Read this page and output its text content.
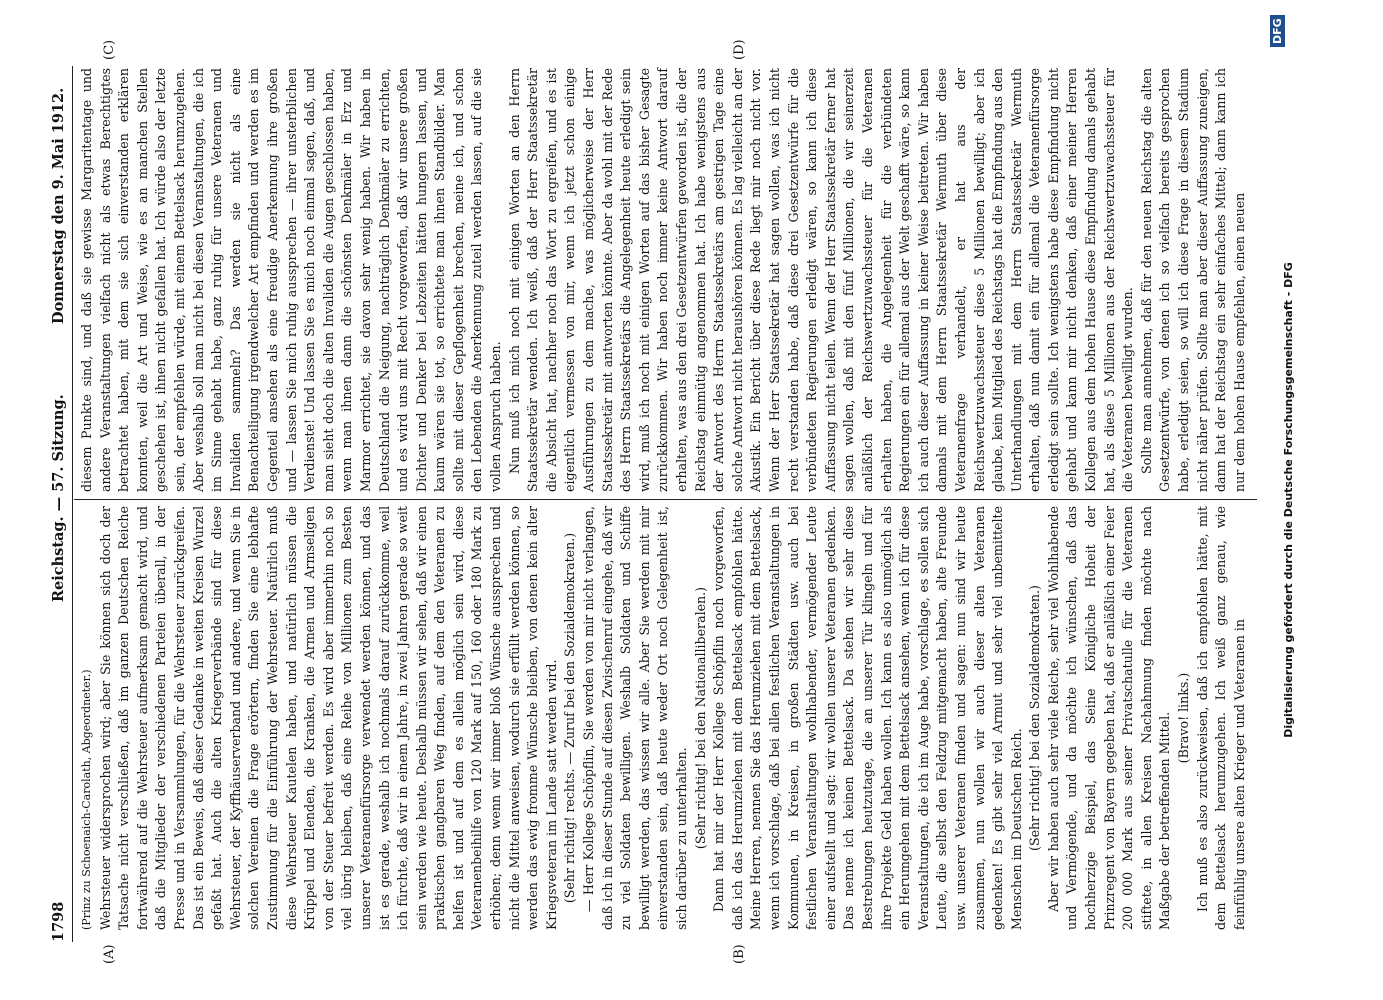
1798
Reichstag. — 57. Sitzung.
Donnerstag den 9. Mai 1912.
(A)	(B)
(C)	(D)

(Prinz zu Schoenaich-Carolath, Abgeordneter.) Wehrsteuer widersprochen wird; aber Sie können sich doch der Tatsache nicht verschließen, daß im ganzen Deutschen Reiche fortwährend auf die Wehrsteuer aufmerksam gemacht wird, und daß die Mitglieder der verschiedenen Parteien überall, in der Presse und in Versammlungen, für die Wehrsteuer zurückgreifen. Das ist ein Beweis, daß dieser Gedanke in weiten Kreisen Wurzel gefaßt hat. Auch die alten Kriegerverbände sind für diese Wehrsteuer, der Kyffhäuserverband und andere, und wenn Sie in solchen Vereinen die Frage erörtern, finden Sie eine lebhafte Zustimmung für die Einführung der Wehrsteuer. Natürlich muß diese Wehrsteuer Kautelen haben, und natürlich müssen die Krüppel und Elenden, die Kranken, die Armen und Armseligen von der Steuer befreit werden. Es wird aber immerhin noch so viel übrig bleiben, daß eine Reihe von Millionen zum Besten unserer Veteranenfürsorge verwendet werden können, und das ist es gerade, weshalb ich nochmals darauf zurückkomme, weil ich fürchte, daß wir in einem Jahre, in zwei Jahren gerade so weit sein werden wie heute. Deshalb müssen wir sehen, daß wir einen praktischen gangbaren Weg finden, auf dem den Veteranen zu helfen ist und auf dem es allein möglich sein wird, diese Veteranenbeihilfe von 120 Mark auf 150, 160 oder 180 Mark zu erhöhen; denn wenn wir immer bloß Wünsche aussprechen und nicht die Mittel anweisen, wodurch sie erfüllt werden können, so werden das ewig fromme Wünsche bleiben, von denen kein alter Kriegsveteran im Lande satt werden wird. (Sehr richtig! rechts. — Zuruf bei den Sozialdemokraten.) — Herr Kollege Schöpflin, Sie werden von mir nicht verlangen, daß ich in dieser Stunde auf diesen Zwischenruf eingehe, daß wir zu viel Soldaten bewilligen. Weshalb Soldaten und Schiffe bewilligt werden, das wissen wir alle. Aber Sie werden mit mir einverstanden sein, daß heute weder Ort noch Gelegenheit ist, sich darüber zu unterhalten. (Sehr richtig! bei den Nationalliberalen.) Dann hat mir der Herr Kollege Schöpflin noch vorgeworfen, daß ich das Herumziehen mit dem Bettelsack empfohlen hätte. Meine Herren, nennen Sie das Herumziehen mit dem Bettelsack, wenn ich vorschlage, daß bei allen festlichen Veranstaltungen in Kommunen, in Kreisen, in großen Städten usw. auch bei festlichen Veranstaltungen wohlhabender, vermögender Leute einer aufstellt und sagt: wir wollen unserer Veteranen gedenken. Das nenne ich keinen Bettelsack. Da stehen wir sehr diese Bestrebungen heutzutage, die an unserer Tür klingeln und für ihre Projekte Geld haben wollen. Ich kann es also unmöglich als ein Herumgehen mit dem Bettelsack ansehen, wenn ich für diese Veranstaltungen, die ich im Auge habe, vorschlage, es sollen sich Leute, die selbst den Feldzug mitgemacht haben, alte Freunde usw. unserer Veteranen finden und sagen: nun sind wir heute zusammen, nun wollen wir auch dieser alten Veteranen gedenken! Es gibt sehr viel Armut und sehr viel unbemittelte Menschen im Deutschen Reich. (Sehr richtig! bei den Sozialdemokraten.) Aber wir haben auch sehr viele Reiche, sehr viel Wohlhabende und Vermögende, und da möchte ich wünschen, daß das hochherzige Beispiel, das Seine Königliche Hoheit der Prinzregent von Bayern gegeben hat, daß er anläßlich einer Feier 200 000 Mark aus seiner Privatschatulle für die Veteranen stiftete, in allen Kreisen Nachahmung finden möchte nach Maßgabe der betreffenden Mittel. (Bravo! links.) Ich muß es also zurückweisen, daß ich empfohlen hätte, mit dem Bettelsack herumzugehen. Ich weiß ganz genau, wie feinfühlig unsere alten Krieger und Veteranen in

diesem Punkte sind, und daß sie gewisse Margaritentage und andere Veranstaltungen vielfach nicht als etwas Berechtigtes betrachtet haben, mit dem sie sich einverstanden erklären konnten, weil die Art und Weise, wie es an manchen Stellen geschehen ist, ihnen nicht gefallen hat. Ich würde also der letzte sein, der empfehlen würde, mit einem Bettelsack herumzugehen. Aber weshalb soll man nicht bei diesen Veranstaltungen, die ich im Sinne gehabt habe, ganz ruhig für unsere Veteranen und Invaliden sammeln? Das werden sie nicht als eine Benachteiligung irgendwelcher Art empfinden und werden es im Gegenteil ansehen als eine freudige Anerkennung ihre großen und — lassen Sie mich ruhig aussprechen — ihrer unsterblichen Verdienste! Und lassen Sie es mich noch einmal sagen, daß, und man sieht doch die alten Invaliden die Augen geschlossen haben, wenn man ihnen dann die schönsten Denkmäler in Erz und Marmor errichtet, sie davon sehr wenig haben. Wir haben in Deutschland die Neigung, nachträglich Denkmäler zu errichten, und es wird uns mit Recht vorgeworfen, daß wir unsere großen Dichter und Denker bei Lebzeiten hätten hungern lassen, und kaum wären sie tot, so errichtete man ihnen Standbilder. Man sollte mit dieser Gepflogenheit brechen, meine ich, und schon den Lebenden die Anerkennung zuteil werden lassen, auf die sie vollen Anspruch haben. Nun muß ich mich noch mit einigen Worten an den Herrn Staatssekretär wenden. Ich weiß, daß der Herr Staatssekretär die Absicht hat, nachher noch das Wort zu ergreifen, und es ist eigentlich vermessen von mir, wenn ich jetzt schon einige Ausführungen zu dem mache, was möglicherweise der Herr Staatssekretär mit antworten könnte. Aber da wohl mit der Rede des Herrn Staatssekretärs die Angelegenheit heute erledigt sein wird, muß ich noch mit einigen Worten auf das bisher Gesagte zurückkommen. Wir haben noch immer keine Antwort darauf erhalten, was aus den drei Gesetzentwürfen geworden ist, die der Reichstag einmütig angenommen hat. Ich habe wenigstens aus der Antwort des Herrn Staatssekretärs am gestrigen Tage eine solche Antwort nicht heraushören können. Es lag vielleicht an der Akustik. Ein Bericht über diese Rede liegt mir noch nicht vor. Wenn der Herr Staatssekretär hat sagen wollen, was ich nicht recht verstanden habe, daß diese drei Gesetzentwürfe für die verbündeten Regierungen erledigt wären, so kann ich diese Auffassung nicht teilen. Wenn der Herr Staatssekretär ferner hat sagen wollen, daß mit den fünf Millionen, die wir seinerzeit anläßlich der Reichswertzuwachssteuer für die Veteranen erhalten haben, die Angelegenheit für die verbündeten Regierungen ein für allemal aus der Welt geschafft wäre, so kann ich auch dieser Auffassung in keiner Weise beitreten. Wir haben damals mit dem Herrn Staatssekretär Wermuth über diese Veteranenfrage verhandelt, er hat aus der Reichswertzuwachssteuer diese 5 Millionen bewilligt; aber ich glaube, kein Mitglied des Reichstags hat die Empfindung aus den Unterhandlungen mit dem Herrn Staatssekretär Wermuth erhalten, daß nun damit ein für allemal die Veteranenfürsorge erledigt sein sollte. Ich wenigstens habe diese Empfindung nicht gehabt und kann mir nicht denken, daß einer meiner Herren Kollegen aus dem hohen Hause diese Empfindung damals gehabt hat, als diese 5 Millionen aus der Reichswertzuwachssteuer für die Veteranen bewilligt wurden. Sollte man annehmen, daß für den neuen Reichstag die alten Gesetzentwürfe, von denen ich so vielfach bereits gesprochen habe, erledigt seien, so will ich diese Frage in diesem Stadium nicht näher prüfen. Sollte man aber dieser Auffassung zuneigen, dann hat der Reichstag ein sehr einfaches Mittel; dann kann ich nur dem hohen Hause empfehlen, einen neuen	Digitalisierung gefördert durch die Deutsche Forschungsgemeinschaft - DFG
DFG
